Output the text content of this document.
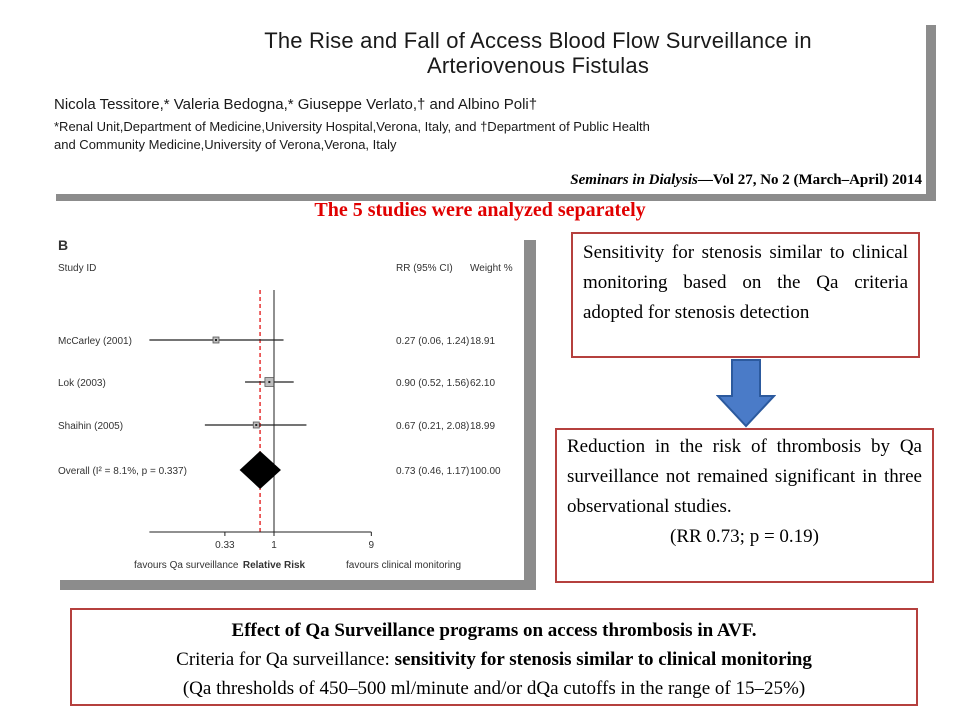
The Rise and Fall of Access Blood Flow Surveillance in
Arteriovenous Fistulas
Nicola Tessitore,* Valeria Bedogna,* Giuseppe Verlato,† and Albino Poli†
*Renal Unit,Department of Medicine,University Hospital,Verona, Italy, and †Department of Public Health
and Community Medicine,University of Verona,Verona, Italy
Seminars in Dialysis—Vol 27, No 2 (March–April) 2014
The 5 studies were analyzed separately
B
Study ID	RR (95% CI) Weight %
0.33	1	9
McCarley (2001)	0.27 (0.06, 1.24) 18.91
Lok (2003)	0.90 (0.52, 1.56) 62.10
Shaihin (2005)	0.67 (0.21, 2.08) 18.99
Overall (I² = 8.1%, p = 0.337)	0.73 (0.46, 1.17) 100.00
favours Qa surveillance Relative Risk	favours clinical monitoring
Sensitivity for stenosis similar to clinical monitoring based on the Qa criteria adopted for stenosis detection
Reduction in the risk of thrombosis by Qa surveillance not remained significant in three observational studies.
(RR 0.73; p = 0.19)
Effect of Qa Surveillance programs on access thrombosis in AVF.
Criteria for Qa surveillance: sensitivity for stenosis similar to clinical monitoring
(Qa thresholds of 450–500 ml/minute and/or dQa cutoffs in the range of 15–25%)
